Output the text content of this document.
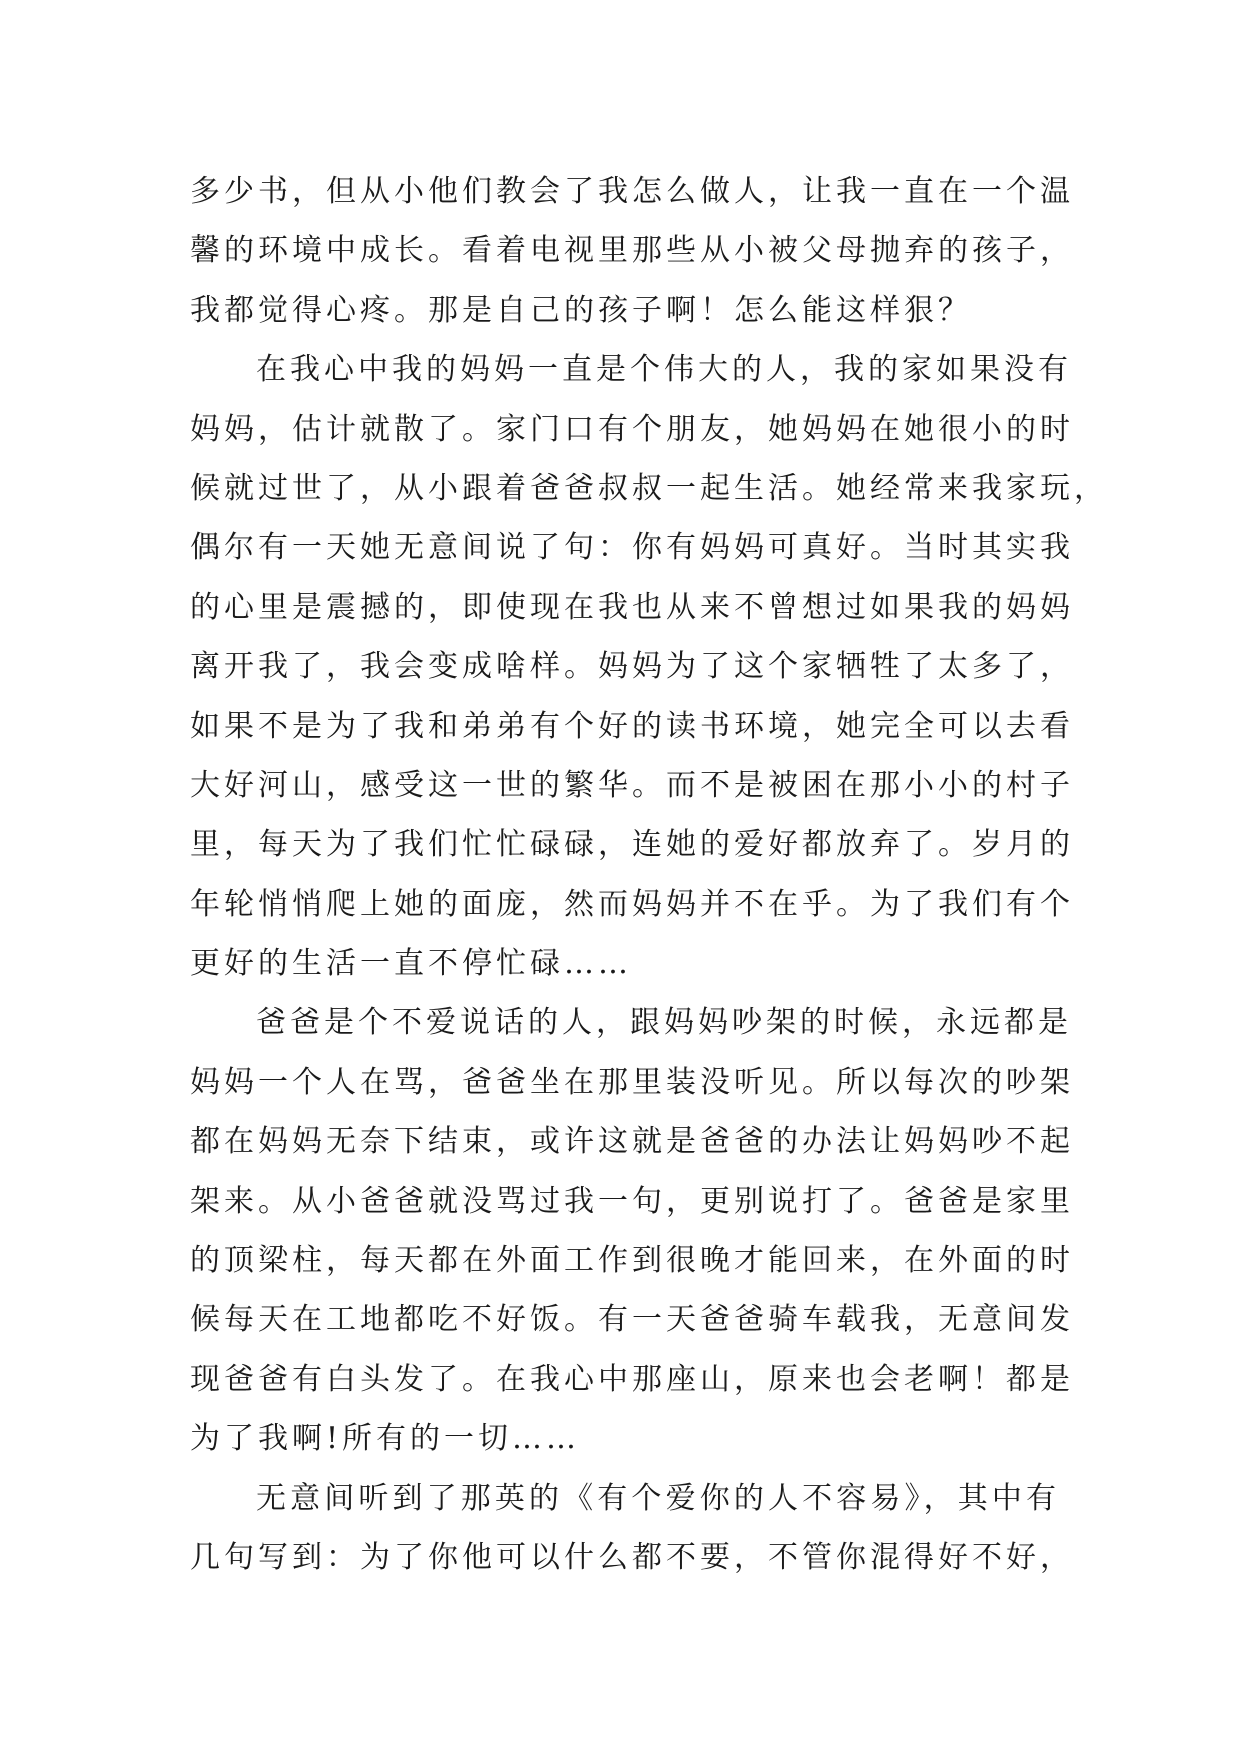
多少书，但从小他们教会了我怎么做人，让我一直在一个温
馨的环境中成长。看着电视里那些从小被父母抛弃的孩子，
我都觉得心疼。那是自己的孩子啊！怎么能这样狠？
在我心中我的妈妈一直是个伟大的人，我的家如果没有
妈妈，估计就散了。家门口有个朋友，她妈妈在她很小的时
候就过世了，从小跟着爸爸叔叔一起生活。她经常来我家玩，
偶尔有一天她无意间说了句：你有妈妈可真好。当时其实我
的心里是震撼的，即使现在我也从来不曾想过如果我的妈妈
离开我了，我会变成啥样。妈妈为了这个家牺牲了太多了，
如果不是为了我和弟弟有个好的读书环境，她完全可以去看
大好河山，感受这一世的繁华。而不是被困在那小小的村子
里，每天为了我们忙忙碌碌，连她的爱好都放弃了。岁月的
年轮悄悄爬上她的面庞，然而妈妈并不在乎。为了我们有个
更好的生活一直不停忙碌……
爸爸是个不爱说话的人，跟妈妈吵架的时候，永远都是
妈妈一个人在骂，爸爸坐在那里装没听见。所以每次的吵架
都在妈妈无奈下结束，或许这就是爸爸的办法让妈妈吵不起
架来。从小爸爸就没骂过我一句，更别说打了。爸爸是家里
的顶梁柱，每天都在外面工作到很晚才能回来，在外面的时
候每天在工地都吃不好饭。有一天爸爸骑车载我，无意间发
现爸爸有白头发了。在我心中那座山，原来也会老啊！都是
为了我啊!所有的一切……
无意间听到了那英的《有个爱你的人不容易》，其中有
几句写到：为了你他可以什么都不要，不管你混得好不好，
